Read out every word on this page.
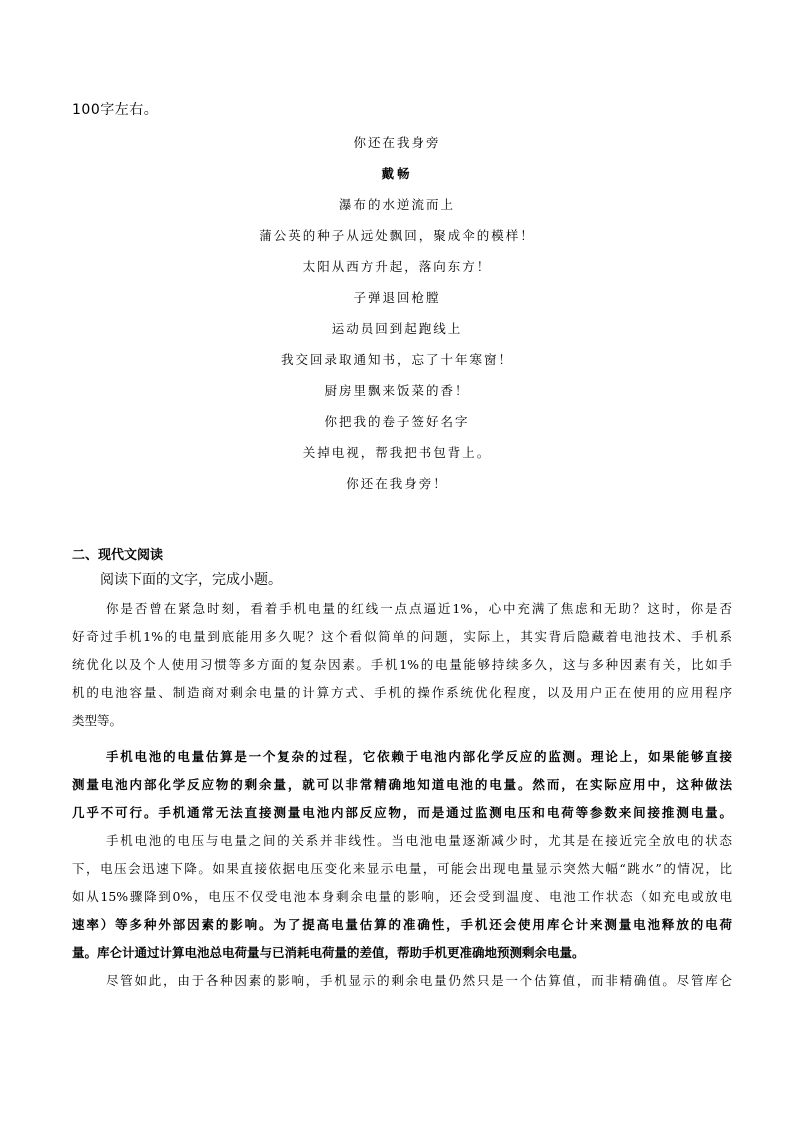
100字左右。
你还在我身旁
戴畅
瀑布的水逆流而上
蒲公英的种子从远处飘回，聚成伞的模样！
太阳从西方升起，落向东方！
子弹退回枪膛
运动员回到起跑线上
我交回录取通知书，忘了十年寒窗！
厨房里飘来饭菜的香！
你把我的卷子签好名字
关掉电视，帮我把书包背上。
你还在我身旁！
二、现代文阅读
阅读下面的文字，完成小题。
你是否曾在紧急时刻，看着手机电量的红线一点点逼近1%，心中充满了焦虑和无助？这时，你是否
好奇过手机1%的电量到底能用多久呢？这个看似简单的问题，实际上，其实背后隐藏着电池技术、手机系
统优化以及个人使用习惯等多方面的复杂因素。手机1%的电量能够持续多久，这与多种因素有关，比如手
机的电池容量、制造商对剩余电量的计算方式、手机的操作系统优化程度，以及用户正在使用的应用程序
类型等。
手机电池的电量估算是一个复杂的过程，它依赖于电池内部化学反应的监测。理论上，如果能够直接
测量电池内部化学反应物的剩余量，就可以非常精确地知道电池的电量。然而，在实际应用中，这种做法
几乎不可行。手机通常无法直接测量电池内部反应物，而是通过监测电压和电荷等参数来间接推测电量。
手机电池的电压与电量之间的关系并非线性。当电池电量逐渐减少时，尤其是在接近完全放电的状态
下，电压会迅速下降。如果直接依据电压变化来显示电量，可能会出现电量显示突然大幅“跳水”的情况，比
如从15%骤降到0%，电压不仅受电池本身剩余电量的影响，还会受到温度、电池工作状态（如充电或放电
速率）等多种外部因素的影响。为了提高电量估算的准确性，手机还会使用库仑计来测量电池释放的电荷
量。库仑计通过计算电池总电荷量与已消耗电荷量的差值，帮助手机更准确地预测剩余电量。
尽管如此，由于各种因素的影响，手机显示的剩余电量仍然只是一个估算值，而非精确值。尽管库仑
